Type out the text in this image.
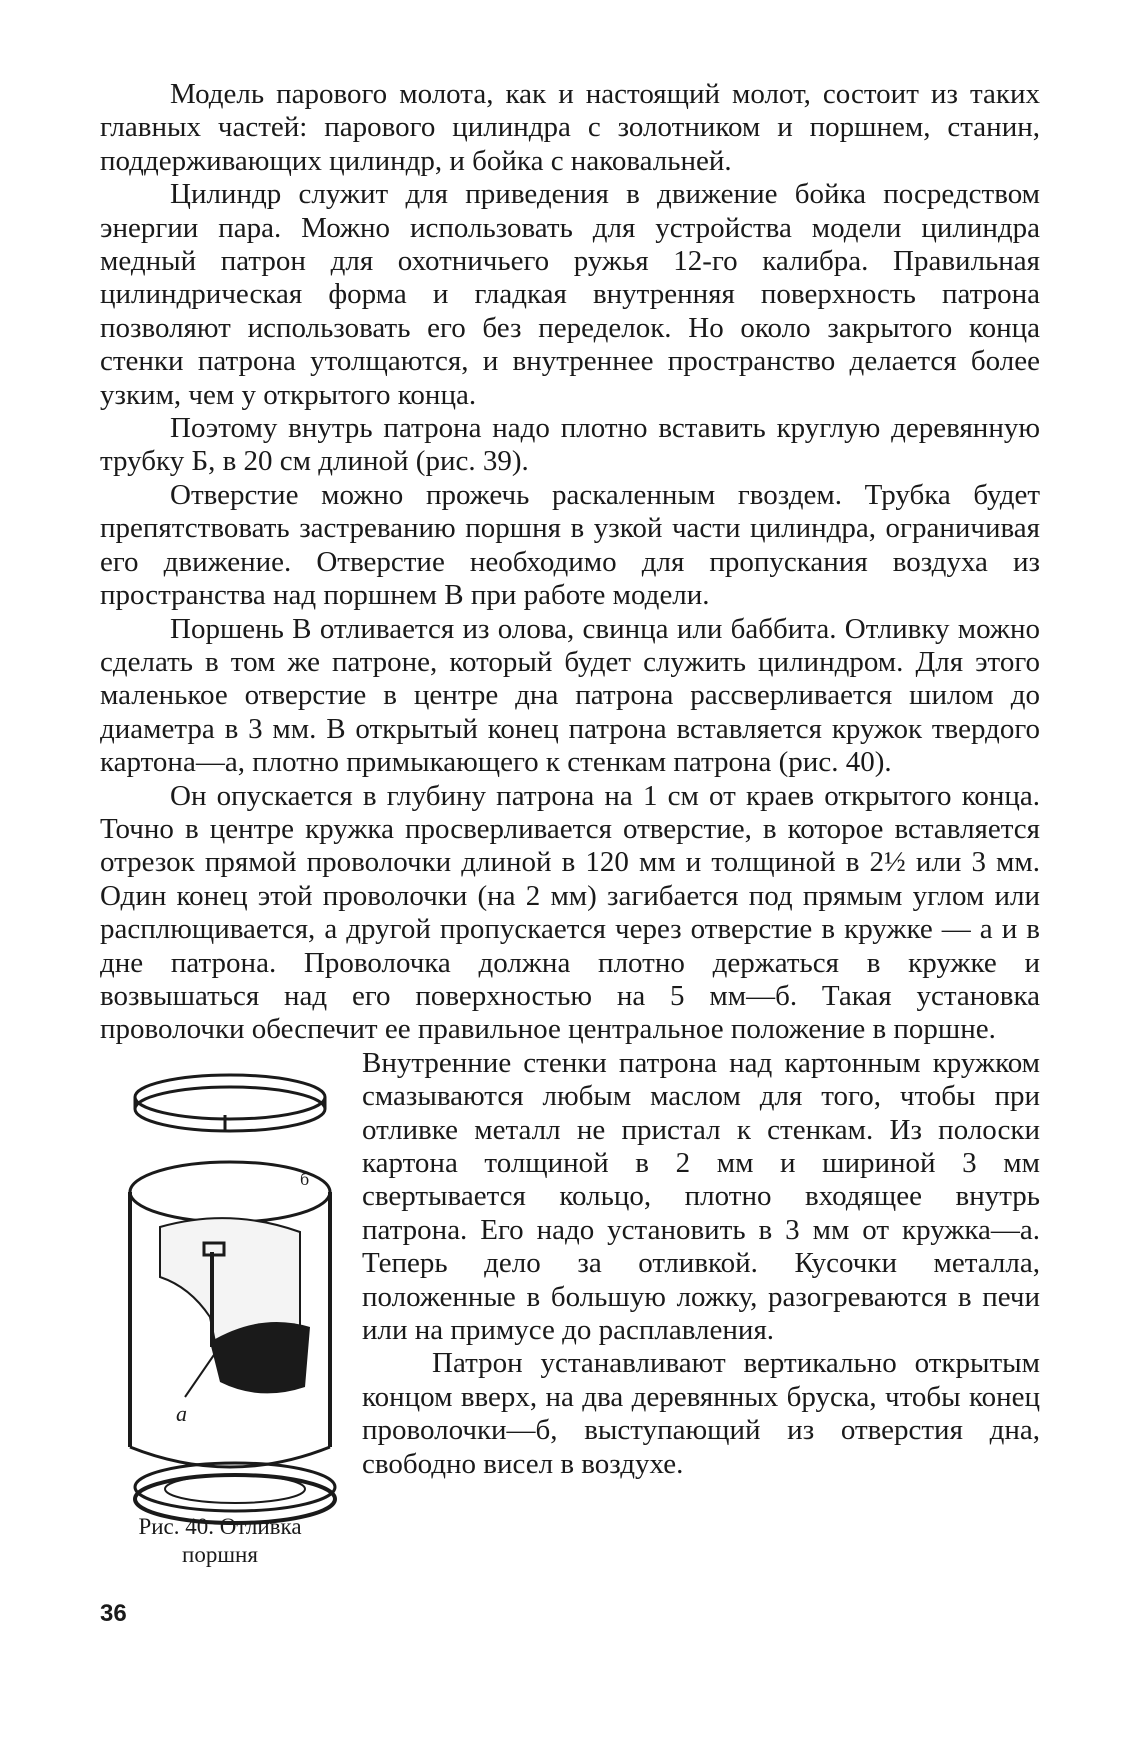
Модель парового молота, как и настоящий молот, состоит из таких главных частей: парового цилиндра с золотником и поршнем, станин, поддерживающих цилиндр, и бойка с наковальней.

Цилиндр служит для приведения в движение бойка посредством энергии пара. Можно использовать для устройства модели цилиндра медный патрон для охотничьего ружья 12-го калибра. Правильная цилиндрическая форма и гладкая внутренняя поверхность патрона позволяют использовать его без переделок. Но около закрытого конца стенки патрона утолщаются, и внутреннее пространство делается более узким, чем у открытого конца.

Поэтому внутрь патрона надо плотно вставить круглую деревянную трубку Б, в 20 см длиной (рис. 39).

Отверстие можно прожечь раскаленным гвоздем. Трубка будет препятствовать застреванию поршня в узкой части цилиндра, ограничивая его движение. Отверстие необходимо для пропускания воздуха из пространства над поршнем В при работе модели.

Поршень В отливается из олова, свинца или баббита. Отливку можно сделать в том же патроне, который будет служить цилиндром. Для этого маленькое отверстие в центре дна патрона рассверливается шилом до диаметра в 3 мм. В открытый конец патрона вставляется кружок твердого картона—а, плотно примыкающего к стенкам патрона (рис. 40).

Он опускается в глубину патрона на 1 см от краев открытого конца. Точно в центре кружка просверливается отверстие, в которое вставляется отрезок прямой проволочки длиной в 120 мм и толщиной в 2½ или 3 мм. Один конец этой проволочки (на 2 мм) загибается под прямым углом или расплющивается, а другой пропускается через отверстие в кружке — а и в дне патрона. Проволочка должна плотно держаться в кружке и возвышаться над его поверхностью на 5 мм—б. Такая установка проволочки обеспечит ее правильное центральное положение в поршне.

а
б
Рис. 40. Отливка
поршня

Внутренние стенки патрона над картонным кружком смазываются любым маслом для того, чтобы при отливке металл не пристал к стенкам. Из полоски картона толщиной в 2 мм и шириной 3 мм свертывается кольцо, плотно входящее внутрь патрона. Его надо установить в 3 мм от кружка—а. Теперь дело за отливкой. Кусочки металла, положенные в большую ложку, разогреваются в печи или на примусе до расплавления.

Патрон устанавливают вертикально открытым концом вверх, на два деревянных бруска, чтобы конец проволочки—б, выступающий из отверстия дна, свободно висел в воздухе.

36
